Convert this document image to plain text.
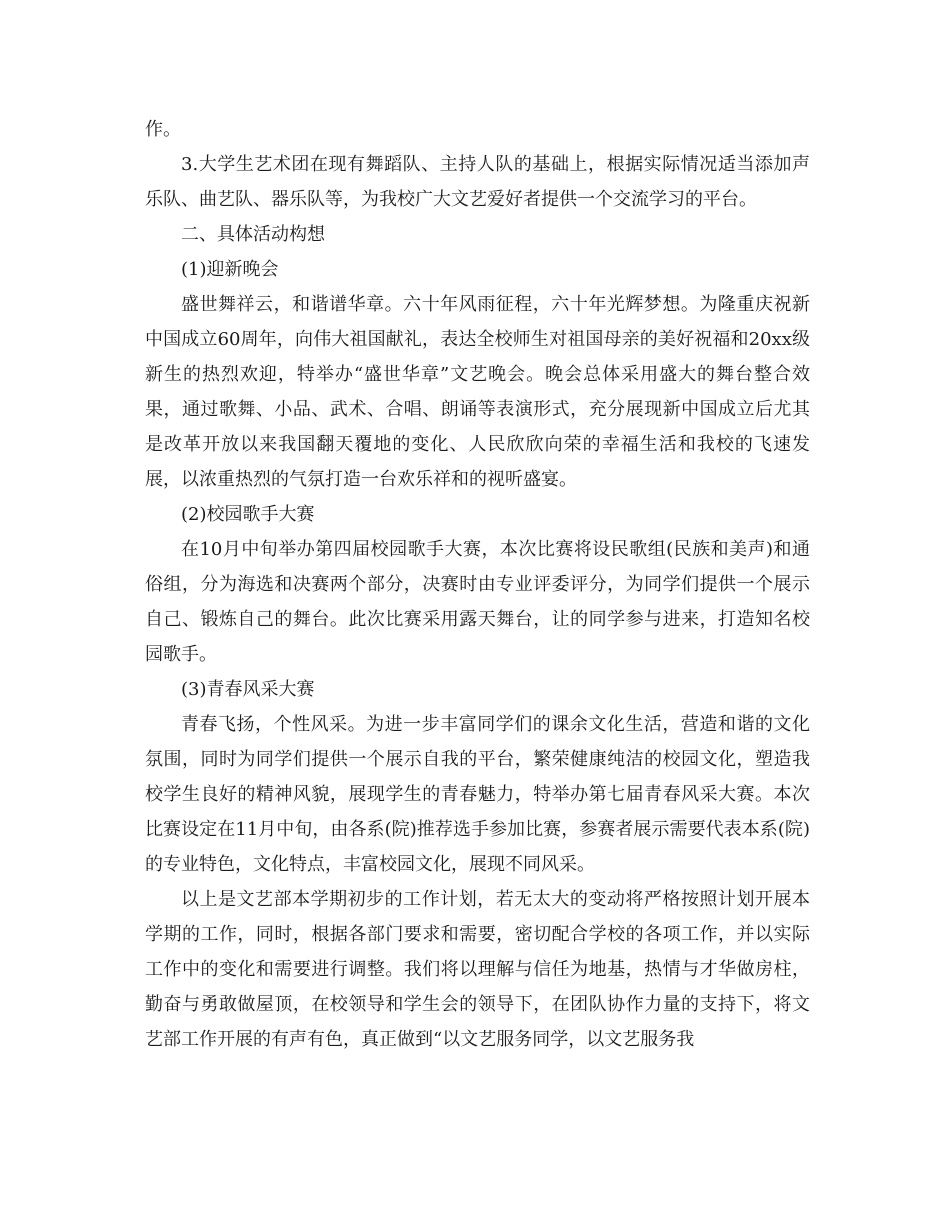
作。

3.大学生艺术团在现有舞蹈队、主持人队的基础上，根据实际情况适当添加声乐队、曲艺队、器乐队等，为我校广大文艺爱好者提供一个交流学习的平台。

二、具体活动构想

(1)迎新晚会

盛世舞祥云，和谐谱华章。六十年风雨征程，六十年光辉梦想。为隆重庆祝新中国成立60周年，向伟大祖国献礼，表达全校师生对祖国母亲的美好祝福和20xx级新生的热烈欢迎，特举办“盛世华章”文艺晚会。晚会总体采用盛大的舞台整合效果，通过歌舞、小品、武术、合唱、朗诵等表演形式，充分展现新中国成立后尤其是改革开放以来我国翻天覆地的变化、人民欣欣向荣的幸福生活和我校的飞速发展，以浓重热烈的气氛打造一台欢乐祥和的视听盛宴。

(2)校园歌手大赛

在10月中旬举办第四届校园歌手大赛，本次比赛将设民歌组(民族和美声)和通俗组，分为海选和决赛两个部分，决赛时由专业评委评分，为同学们提供一个展示自己、锻炼自己的舞台。此次比赛采用露天舞台，让的同学参与进来，打造知名校园歌手。

(3)青春风采大赛

青春飞扬，个性风采。为进一步丰富同学们的课余文化生活，营造和谐的文化氛围，同时为同学们提供一个展示自我的平台，繁荣健康纯洁的校园文化，塑造我校学生良好的精神风貌，展现学生的青春魅力，特举办第七届青春风采大赛。本次比赛设定在11月中旬，由各系(院)推荐选手参加比赛，参赛者展示需要代表本系(院)的专业特色，文化特点，丰富校园文化，展现不同风采。

以上是文艺部本学期初步的工作计划，若无太大的变动将严格按照计划开展本学期的工作，同时，根据各部门要求和需要，密切配合学校的各项工作，并以实际工作中的变化和需要进行调整。我们将以理解与信任为地基，热情与才华做房柱，勤奋与勇敢做屋顶，在校领导和学生会的领导下，在团队协作力量的支持下，将文艺部工作开展的有声有色，真正做到“以文艺服务同学，以文艺服务我
